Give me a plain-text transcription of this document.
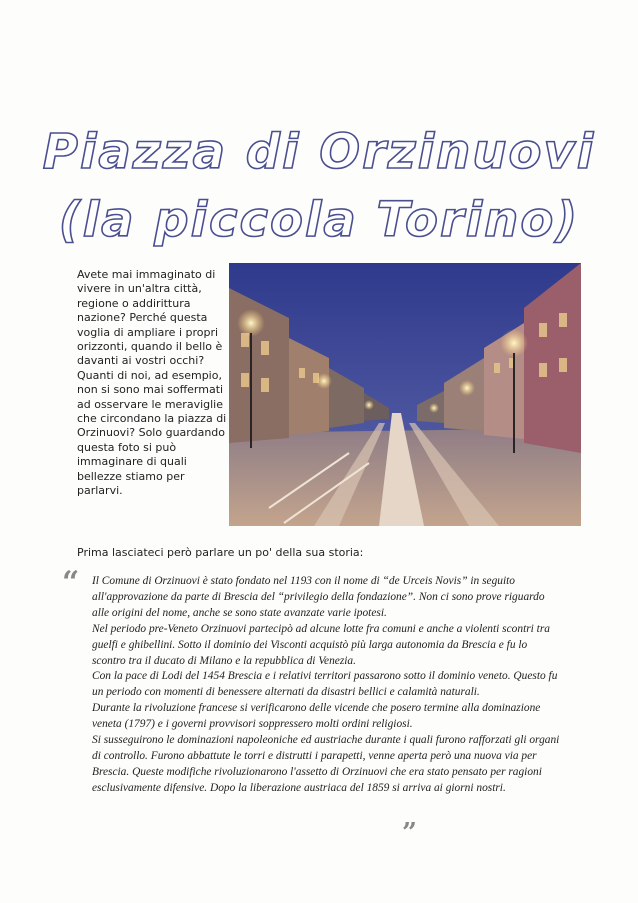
Piazza di Orzinuovi
(la piccola Torino)
Avete mai immaginato di vivere in un'altra città, regione o addirittura nazione? Perché questa voglia di ampliare i propri orizzonti, quando il bello è davanti ai vostri occhi? Quanti di noi, ad esempio, non si sono mai soffermati ad osservare le meraviglie che circondano la piazza di Orzinuovi? Solo guardando questa foto si può immaginare di quali bellezze stiamo per parlarvi.
Prima lasciateci però parlare un po' della sua storia:
“ Il Comune di Orzinuovi è stato fondato nel 1193 con il nome di “de Urceis Novis” in seguito all'approvazione da parte di Brescia del “privilegio della fondazione”. Non ci sono prove riguardo alle origini del nome, anche se sono state avanzate varie ipotesi.

Nel periodo pre-Veneto Orzinuovi partecipò ad alcune lotte fra comuni e anche a violenti scontri tra guelfi e ghibellini. Sotto il dominio dei Visconti acquistò più larga autonomia da Brescia e fu lo scontro tra il ducato di Milano e la repubblica di Venezia.

Con la pace di Lodi del 1454 Brescia e i relativi territori passarono sotto il dominio veneto. Questo fu un periodo con momenti di benessere alternati da disastri bellici e calamità naturali.

Durante la rivoluzione francese si verificarono delle vicende che posero termine alla dominazione veneta (1797) e i governi provvisori soppressero molti ordini religiosi.

Si susseguirono le dominazioni napoleoniche ed austriache durante i quali furono rafforzati gli organi di controllo. Furono abbattute le torri e distrutti i parapetti, venne aperta però una nuova via per Brescia. Queste modifiche rivoluzionarono l'assetto di Orzinuovi che era stato pensato per ragioni esclusivamente difensive. Dopo la liberazione austriaca del 1859 si arriva ai giorni nostri.

”
